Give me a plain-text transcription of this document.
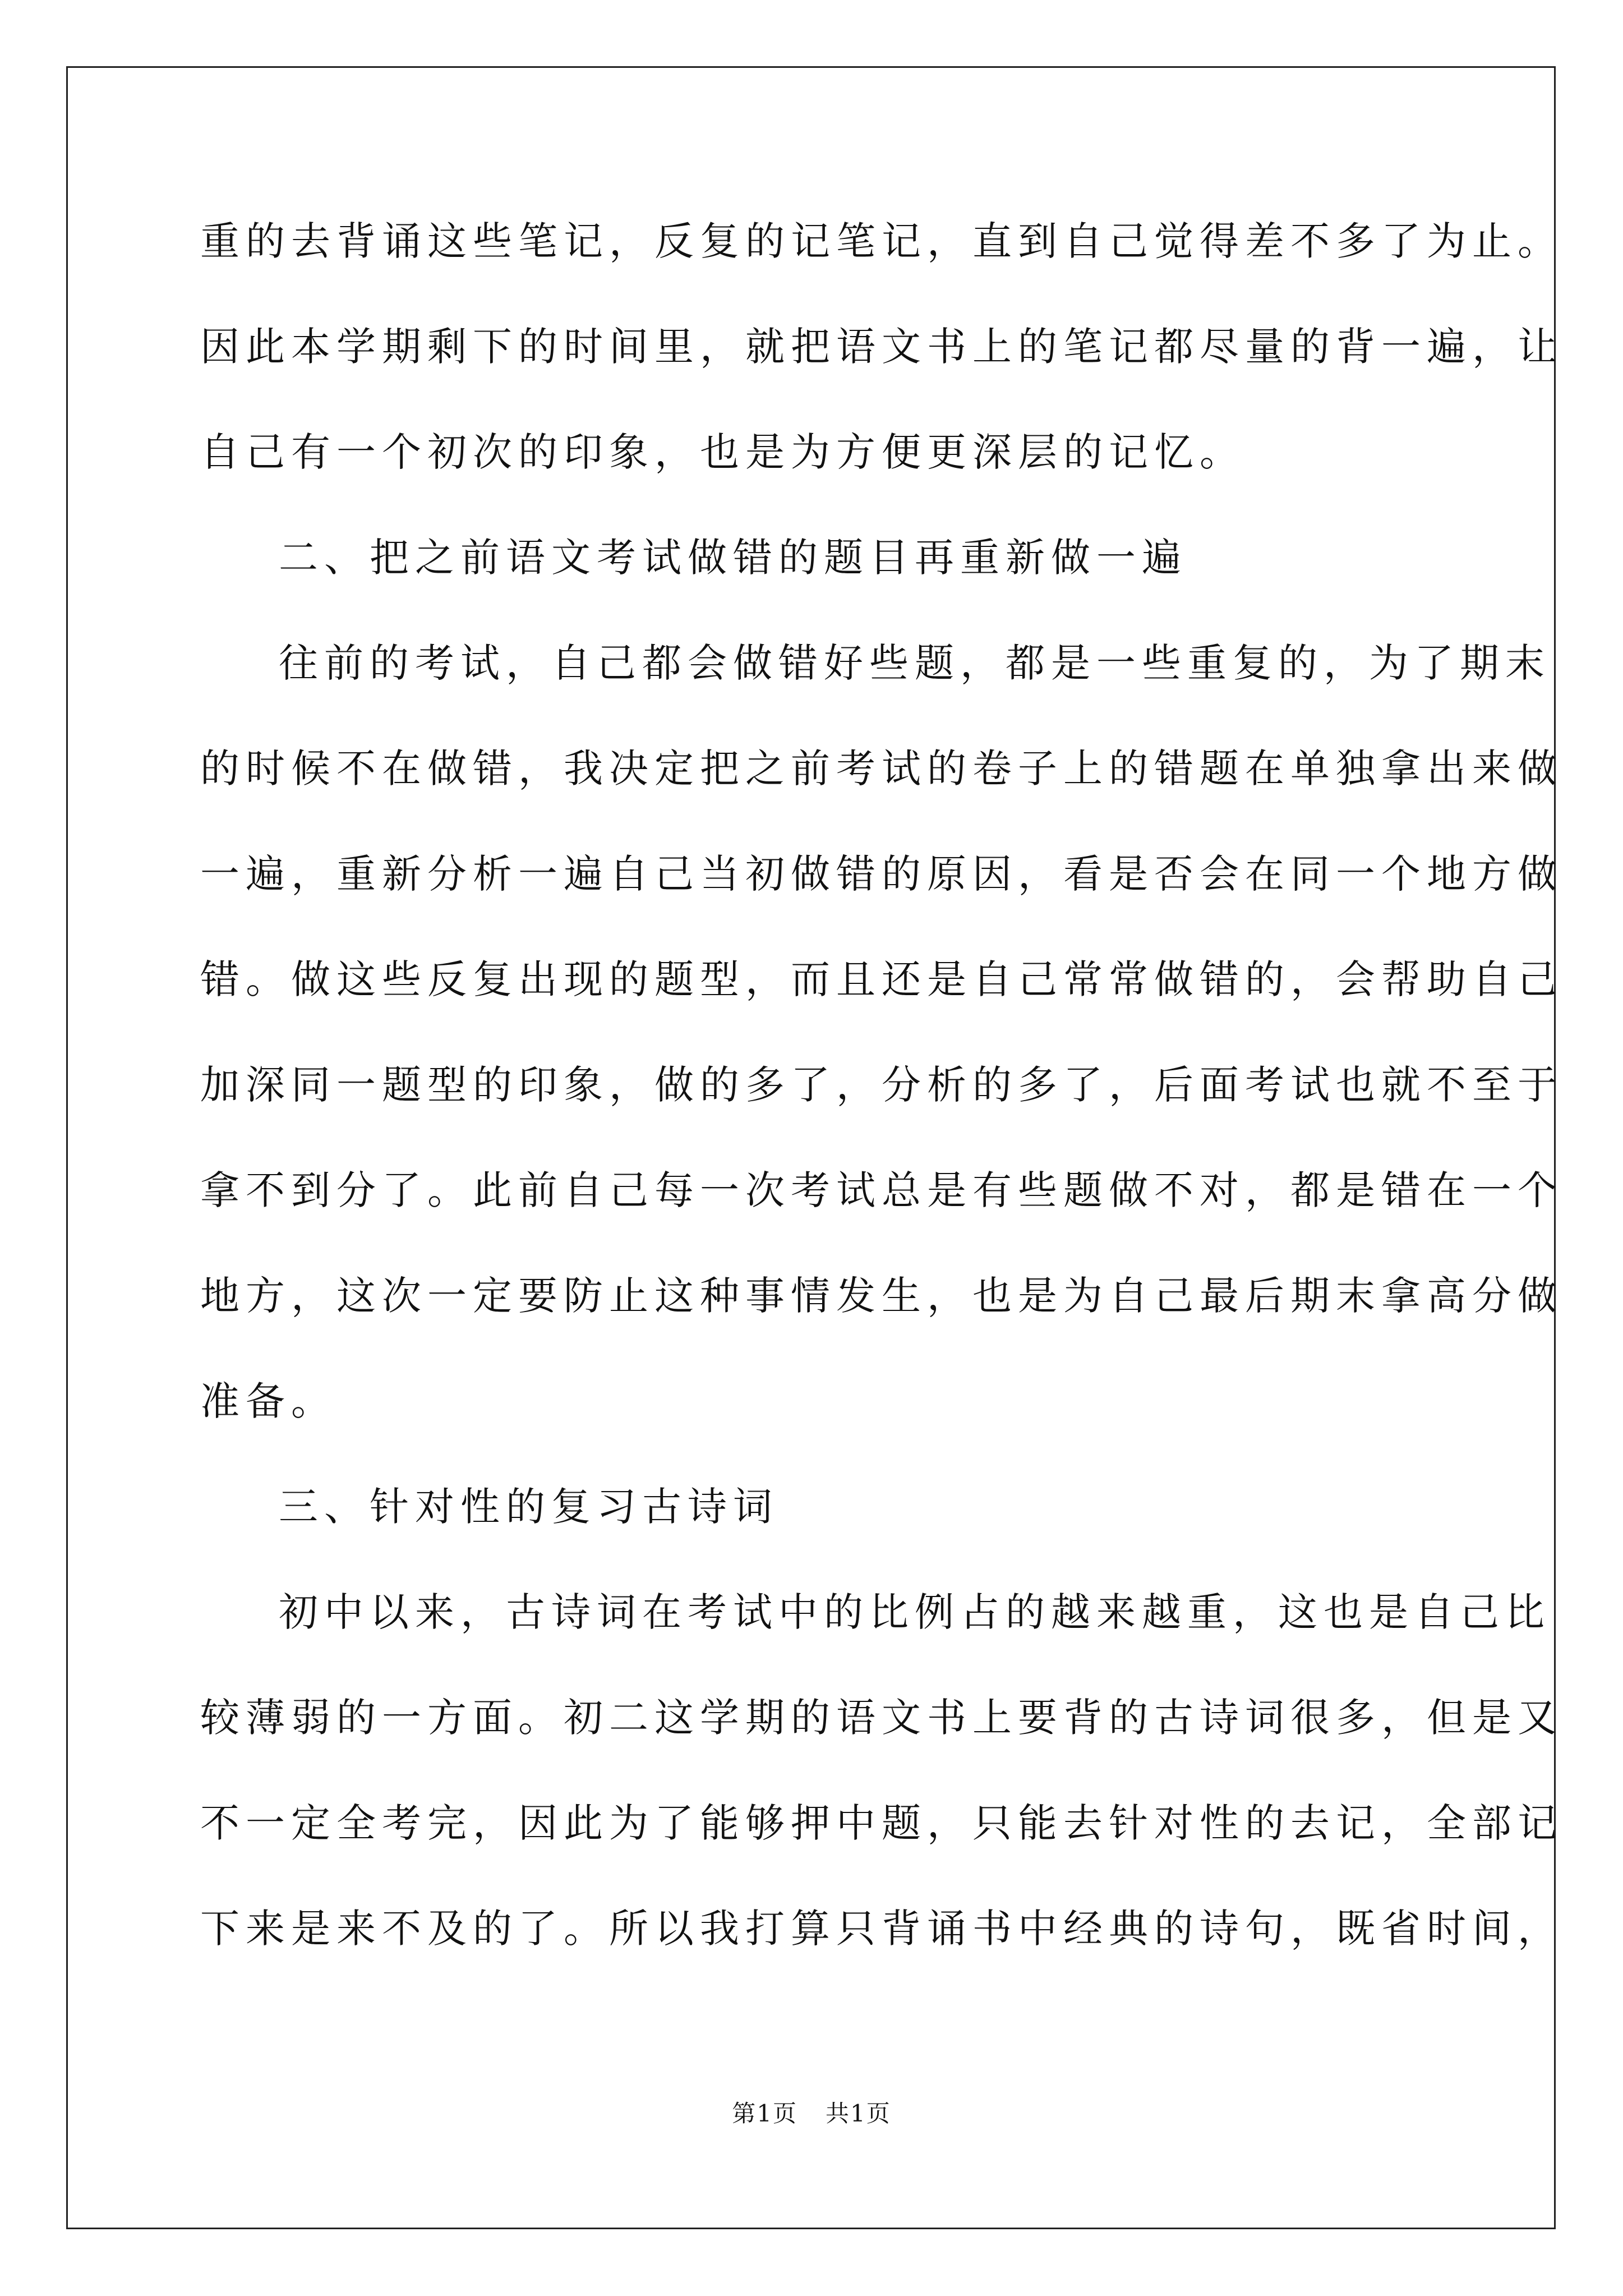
重的去背诵这些笔记，反复的记笔记，直到自己觉得差不多了为止。
因此本学期剩下的时间里，就把语文书上的笔记都尽量的背一遍，让
自己有一个初次的印象，也是为方便更深层的记忆。
二、把之前语文考试做错的题目再重新做一遍
往前的考试，自己都会做错好些题，都是一些重复的，为了期末
的时候不在做错，我决定把之前考试的卷子上的错题在单独拿出来做
一遍，重新分析一遍自己当初做错的原因，看是否会在同一个地方做
错。做这些反复出现的题型，而且还是自己常常做错的，会帮助自己
加深同一题型的印象，做的多了，分析的多了，后面考试也就不至于
拿不到分了。此前自己每一次考试总是有些题做不对，都是错在一个
地方，这次一定要防止这种事情发生，也是为自己最后期末拿高分做
准备。
三、针对性的复习古诗词
初中以来，古诗词在考试中的比例占的越来越重，这也是自己比
较薄弱的一方面。初二这学期的语文书上要背的古诗词很多，但是又
不一定全考完，因此为了能够押中题，只能去针对性的去记，全部记
下来是来不及的了。所以我打算只背诵书中经典的诗句，既省时间，
第1页 共1页
